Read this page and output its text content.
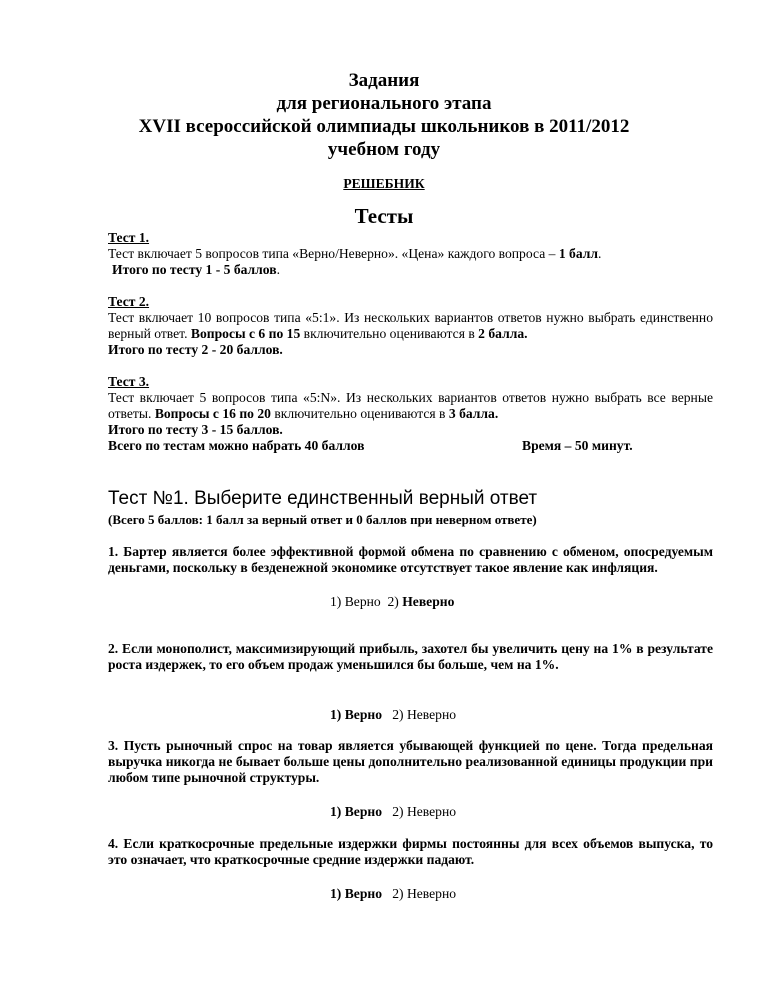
Задания
для регионального этапа
XVII всероссийской олимпиады школьников в 2011/2012
учебном году
РЕШЕБНИК
Тесты
Тест 1.
Тест включает 5 вопросов типа «Верно/Неверно». «Цена» каждого вопроса – 1 балл.
Итого по тесту 1 - 5 баллов.
Тест 2.
Тест включает 10 вопросов типа «5:1». Из нескольких вариантов ответов нужно выбрать единственно верный ответ. Вопросы с 6 по 15 включительно оцениваются в 2 балла.
Итого по тесту 2 - 20 баллов.
Тест 3.
Тест включает 5 вопросов типа «5:N». Из нескольких вариантов ответов нужно выбрать все верные ответы. Вопросы с 16 по 20 включительно оцениваются в 3 балла.
Итого по тесту 3 - 15 баллов.
Всего по тестам можно набрать 40 баллов	Время – 50 минут.
Тест №1. Выберите единственный верный ответ
(Всего 5 баллов: 1 балл за верный ответ и 0 баллов при неверном ответе)
1. Бартер является более эффективной формой обмена по сравнению с обменом, опосредуемым деньгами, поскольку в безденежной экономике отсутствует такое явление как инфляция.
1) Верно 2) Неверно
2. Если монополист, максимизирующий прибыль, захотел бы увеличить цену на 1% в результате роста издержек, то его объем продаж уменьшился бы больше, чем на 1%.
1) Верно 2) Неверно
3. Пусть рыночный спрос на товар является убывающей функцией по цене. Тогда предельная выручка никогда не бывает больше цены дополнительно реализованной единицы продукции при любом типе рыночной структуры.
1) Верно 2) Неверно
4. Если краткосрочные предельные издержки фирмы постоянны для всех объемов выпуска, то это означает, что краткосрочные средние издержки падают.
1) Верно 2) Неверно
